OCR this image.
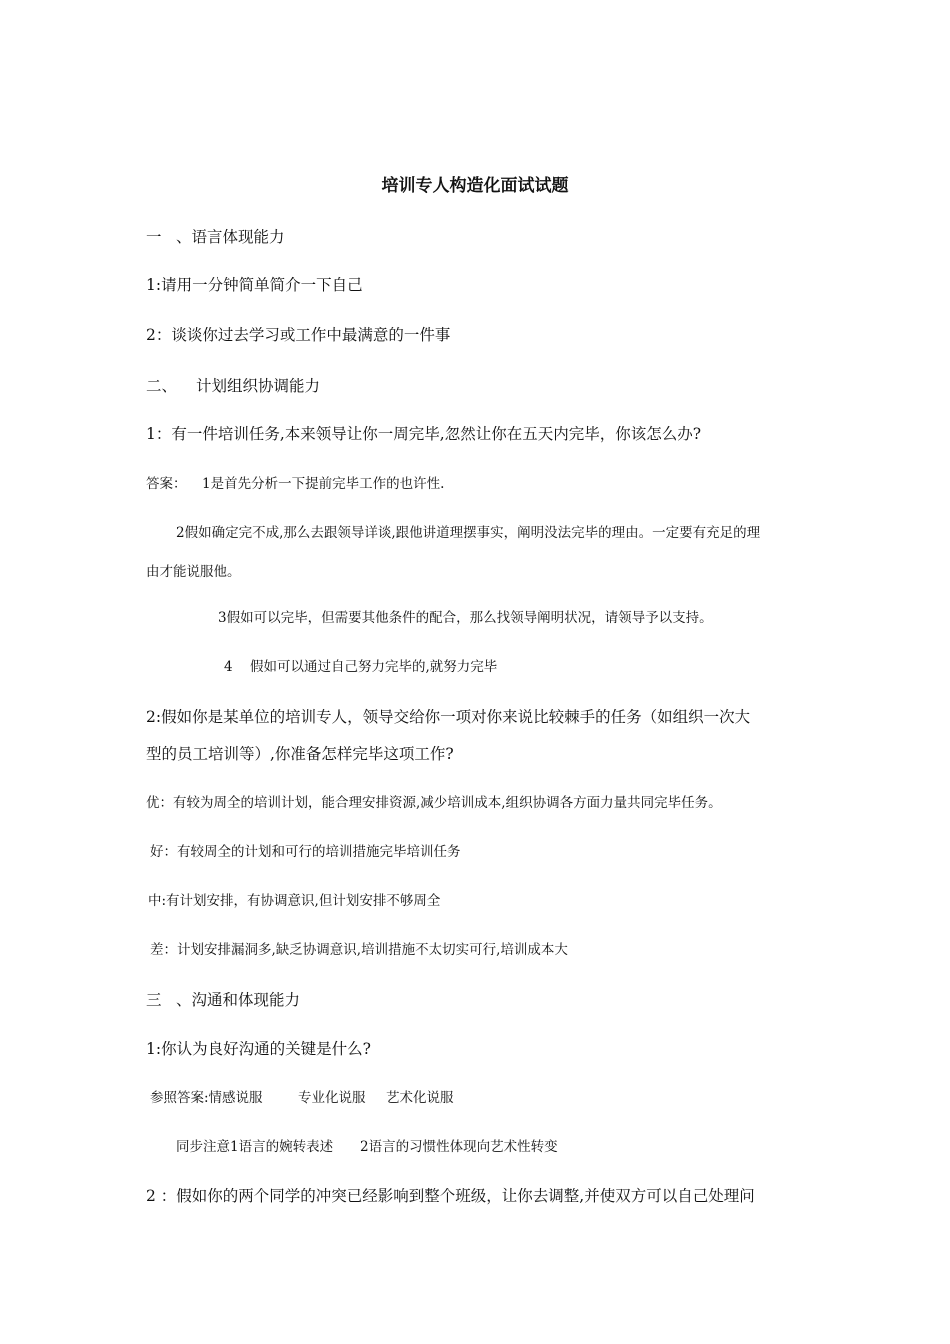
培训专人构造化面试试题
一 、语言体现能力
1:请用一分钟简单简介一下自己
2：谈谈你过去学习或工作中最满意的一件事
二、 计划组织协调能力
1：有一件培训任务,本来领导让你一周完毕,忽然让你在五天内完毕，你该怎么办?
答案： 1是首先分析一下提前完毕工作的也许性.
2假如确定完不成,那么去跟领导详谈,跟他讲道理摆事实，阐明没法完毕的理由。一定要有充足的理
由才能说服他。
3假如可以完毕，但需要其他条件的配合，那么找领导阐明状况，请领导予以支持。
4 假如可以通过自己努力完毕的,就努力完毕
2:假如你是某单位的培训专人，领导交给你一项对你来说比较棘手的任务（如组织一次大
型的员工培训等）,你准备怎样完毕这项工作?
优：有较为周全的培训计划，能合理安排资源,减少培训成本,组织协调各方面力量共同完毕任务。
好：有较周全的计划和可行的培训措施完毕培训任务
中:有计划安排，有协调意识,但计划安排不够周全
差：计划安排漏洞多,缺乏协调意识,培训措施不太切实可行,培训成本大
三 、沟通和体现能力
1:你认为良好沟通的关键是什么?
参照答案:情感说服	专业化说服 艺术化说服
同步注意1语言的婉转表述 2语言的习惯性体现向艺术性转变
2 ：假如你的两个同学的冲突已经影响到整个班级，让你去调整,并使双方可以自己处理问
